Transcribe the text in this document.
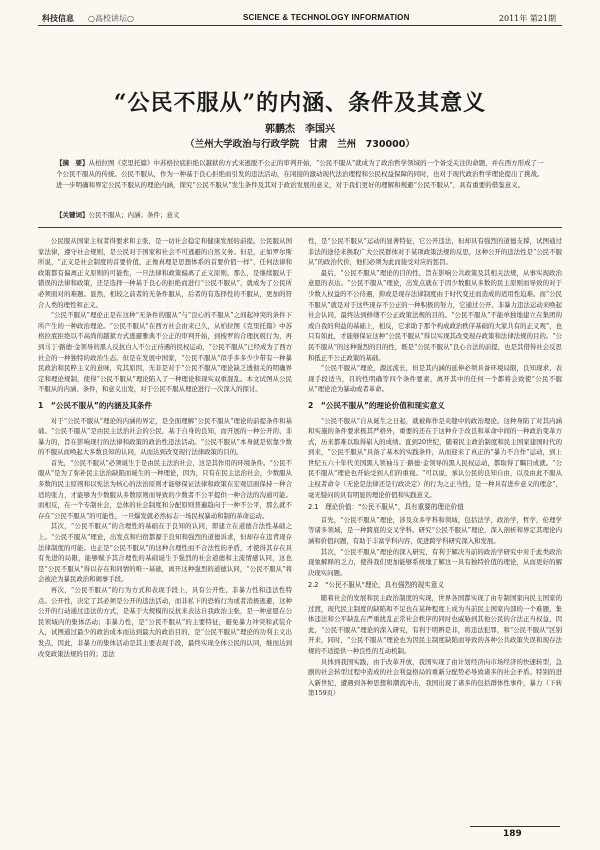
科技信息 ○高校讲坛○	SCIENCE & TECHNOLOGY INFORMATION	2011年 第21期
“公民不服从”的内涵、条件及其意义
郭鹏杰　李国兴
（兰州大学政治与行政学院　甘肃　兰州　730000）
【摘　要】从柏拉图《克里托篇》中苏格拉底拒绝以越狱的方式来逃脱不公正的审判开始，“公民不服从”就成为了政治哲学领域的一个备受关注的命题，并在西方形成了一个公民不服从的传统。公民不服从，作为一种基于良心拒绝而引发的违法活动，在闲接的激动现代法治理程和公民权益保障的同时，也对于现代政治哲学理论提出了挑战。进一步明确和界定公民不服从的理论内涵，探究“公民不服从”发生条件及其对于政治发展的意义，对于我们更好的理解和规避“公民不服从”，具有重要的借鉴意义。
【关键词】公民不服从；内涵；条件；意义

公民服从国家主权者得要求和主张，是一切社会稳定和健康发展的前提。公民服从国家法律，遵守社会规则，是公民对于国家和社会不可逃避的自然义务。但是，正如罗尔斯所说，“正义是社会制度的首要价值，正像真理是思想体系的首要价值一样”，任何法律和政策都有偏离正义原则的可能性，一旦法律和政策偏离了正义原则，那么，是继续服从于错误的法律和政策，还是选择一种基于良心的拒绝而进行“公民不服从”，就成为了公民所必须面对的难题。显然，相较之前者的无条件服从，后者的有选择性的不服从，更加的符合人类的理性和正义。

“公民不服从”理论正是在这种“无条件的服从”与“良心的不服从”之间起冲突的条件下所产生的一种政治理论。“公民不服从”在西方社会由来已久，从柏拉图《克里托篇》中苏格拉底拒绝以不高尚的越狱方式逃避雅典不公正的审判开始，到梭罗的合理抗税行为，再到马丁·路德·金领导的黑人反抗白人不公正待遇的民权运动，“公民不服从”已经成为了西方社会的一种独特的政治生态。但是在发展中国家，“公民不服从”似乎多多少少带有一种暴民政治和民粹主义的意味，究其原因，无非是对于“公民不服从”理论缺乏透彻关的明确界定和理论规制，使得“公民不服从”理论陷入了一种理论和现实双重混乱。本文试图从公民不服从的内涵、条件，和意义出发，对于公民不服从理论进行一次深入的探讨。

1　“公民不服从”的内涵及其条件

对于“公民不服从”理论的内涵的界定，是全面理解“公民不服从”理论的前提条件和基础。“公民不服从”是由民主法治社会的公民，基于自身的良知，而开展的一种公开的、非暴力的，旨在影响现行的法律和政策的政治性违法活动。“公民不服从”本身就是依靠少数的不服从而唤起大多数良知的认同，从而达到改变现行法律政策的目的。

首先，“公民不服从”必须诞生于是由民主法治社会，这是其作用的环境条件。“公民不服从”是为了弥补民主法治缺陷而诞生的一种理论，因为，只有在民主法治社会，少数服从多数的民主原则和以宪法为核心的法治原则才能够保证法律和政策在宏观层面保持一种合适的张力，才能够为少数服从多数原则而导致的少数者不公平提供一种合法的沟通可能。而相反，在一个专制社会，总体的社会制度和分配原则普遍趋向于一种不公平，那么就不存在“公民不服从”的可能性，一旦爆发就必然标志一场民权暴动和制的革命运动。

其次，“公民不服从”的合理性的基础在于良知的认同，即建立在道德合法性基础之上。“公民不服从”理论，出发点和归宿都源于良知和强烈的道德诉求，但却存在违背现存法律制度的可能。也正是“公民不服从”的这种合理性而不合法性的矛盾，才使得其存在具有先进的局限，能够赋予其合理性的基础诞生于强烈的社会道德和主流情感认同，这也是“公民不服从”得以存在和同情的唯一基础，离开这种强烈的道德认同，“公民不服从”将会被沦为暴民政治和闹事手段。

再次，“公民不服从”的行为方式和表现手段上，具有公开性、非暴力性和违法性特点。公开性，决定了其必须是公开的违法活动，而非私下的恐怖行为或者消极逃避，这种公开的行动通过违法的方式，是基于大规模的反抗来表达自我政治主张，是一种意愿在公民领域内的集体活动；非暴力性，是“公民不服从”的主要特征，避免暴力冲突和武装介入，试图通过最少的政治成本而达到最大的政治目的，是“公民不服从”理论的功利主义出发点，因此，非暴力的集体活动是其主要表现手段，最终实现全体公民的认同，继而达到改变政策法规的目的；违法

性，是“公民不服从”运动的显著特征，它公开违法，但却具有强烈的道德支撑，试图通过非法的途径来换取广大公民群体对于某项政策法规的反思，这种公开的违法性是“公民不服从”的政治代价，他们必须为此而接受对应的惩罚。

最后，“公民不服从”理论的目的性，旨在影响公共政策及其相关法规，从事实现政治意愿的表达。“公民不服从”理论，出发点就在于因少数服从多数的民主原则而导致的对于少数人权益的不公待遇，抑或是现存法律制度由于时代变迁而造成的适用性迫难。而“公民不服从”就是对于这些现存不公正的一种积极的努力，它通过公开、非暴力违法运动来唤起社会认同，最终达到修缮不公正政策法规的目的。“公民不服从”不能单独地建立在集团的或自我的利益的基础上，相反，它求助于那个构成政治秩序基础的大家共有的正义观”，也只有如此，才能够保证这种“公民不服从”得以实现其改变现存政策和法律法规的目的。“公民不服从”的这种强烈的目的性，既是“公民不服从”良心合法的前提，也是其借得社会反思和抵正不公正政策的基础。

“公民不服从”理论，源远流长，但是其内涵的延伸必须具备环境局限，良知现求、表现手段适当，目的性明确等四个条件要素，离开其中的任何一个都将会致使“公民不服从”理论沦为暴动或者革命。

2　“公民不服从”的理论价值和现实意义

“公民不服从”自从诞生之日起，就被称作是夹缝中的政治理论。这种身陷了对其内涵和实施的条件要求极其严格外，重要的还在于这种介于改良和革命中间的一种政治变革方式，历来都难以取得崭入的成绩。直到20世纪，随着民主政治制度和民主国家建国时代的到来，“公民不服从”具备了基本的实践条件，从而迎来了真正的“暴力不合作”运动，到上世纪五六十年代美国黑人领袖马丁·路德·金领导的黑人民权运动，都取得了瞩目成就。“公民不服从”理论也开始受到人们的重视。“可以说，承认公民的良知自由，以及由此不服从主权者命令（无论是法律还是行政决定）的行为之正当性，是一种具有进步意义的理念”，毫无疑问的具有明显的理论价值和实践意义。

2.1　理论价值：“公民不服从”，具有重要的理论价值

首先，“公民不服从”理论，涉及众多学科和领域，包括法学，政治学，哲学，伦理学等诸多领域，是一种跨底的交叉学科。研究“公民不服从”理论，深入剖析和界定其理论内涵和价值问题，有助于丰富学科内容，促进跨学科研究深入和发展。

其次，“公民不服从”理论的深入研究，有利于解决当前的政治学研究中对于此类政治现象解释的乏力，使得我们更加能够系统地了解这一具有独特价值的理论，从而更好的解决现实问题。

2.2　“公民不服从”理论，具有强烈的现实意义

随着社会的发展和民主政治制度的实现，世界各国都实现了由专制国家向民主国家的过渡，现代民主制度的缺陷和不足也在某种程度上成为当前民主国家内部的一个难题，集体违法和公平缺乱在严重扰乱正常社会秩序的同时也威胁到其他公民的合法正当权益，因此，“公民不服从”理论的深入研究，有利于明辨是非，将违法犯罪，和“公民不服从”区别开来，同时，“公民不服从”理论也为因民主制度缺陷而导致的各种公共政策失误和现存法规的不适提供一种良性的互动机制。

具体到我国实践，由于改革开放，我国实现了由计划经济向市场经济的快速转型，急剧的社会转型过程中造成的社会利益格局的重新分配势必导致诸多的社会矛盾。特别的进入新世纪，遭遇到各种思想和潮流冲击，我国出现了诸多的包括群体性事件，暴力（下转第159页）

189
